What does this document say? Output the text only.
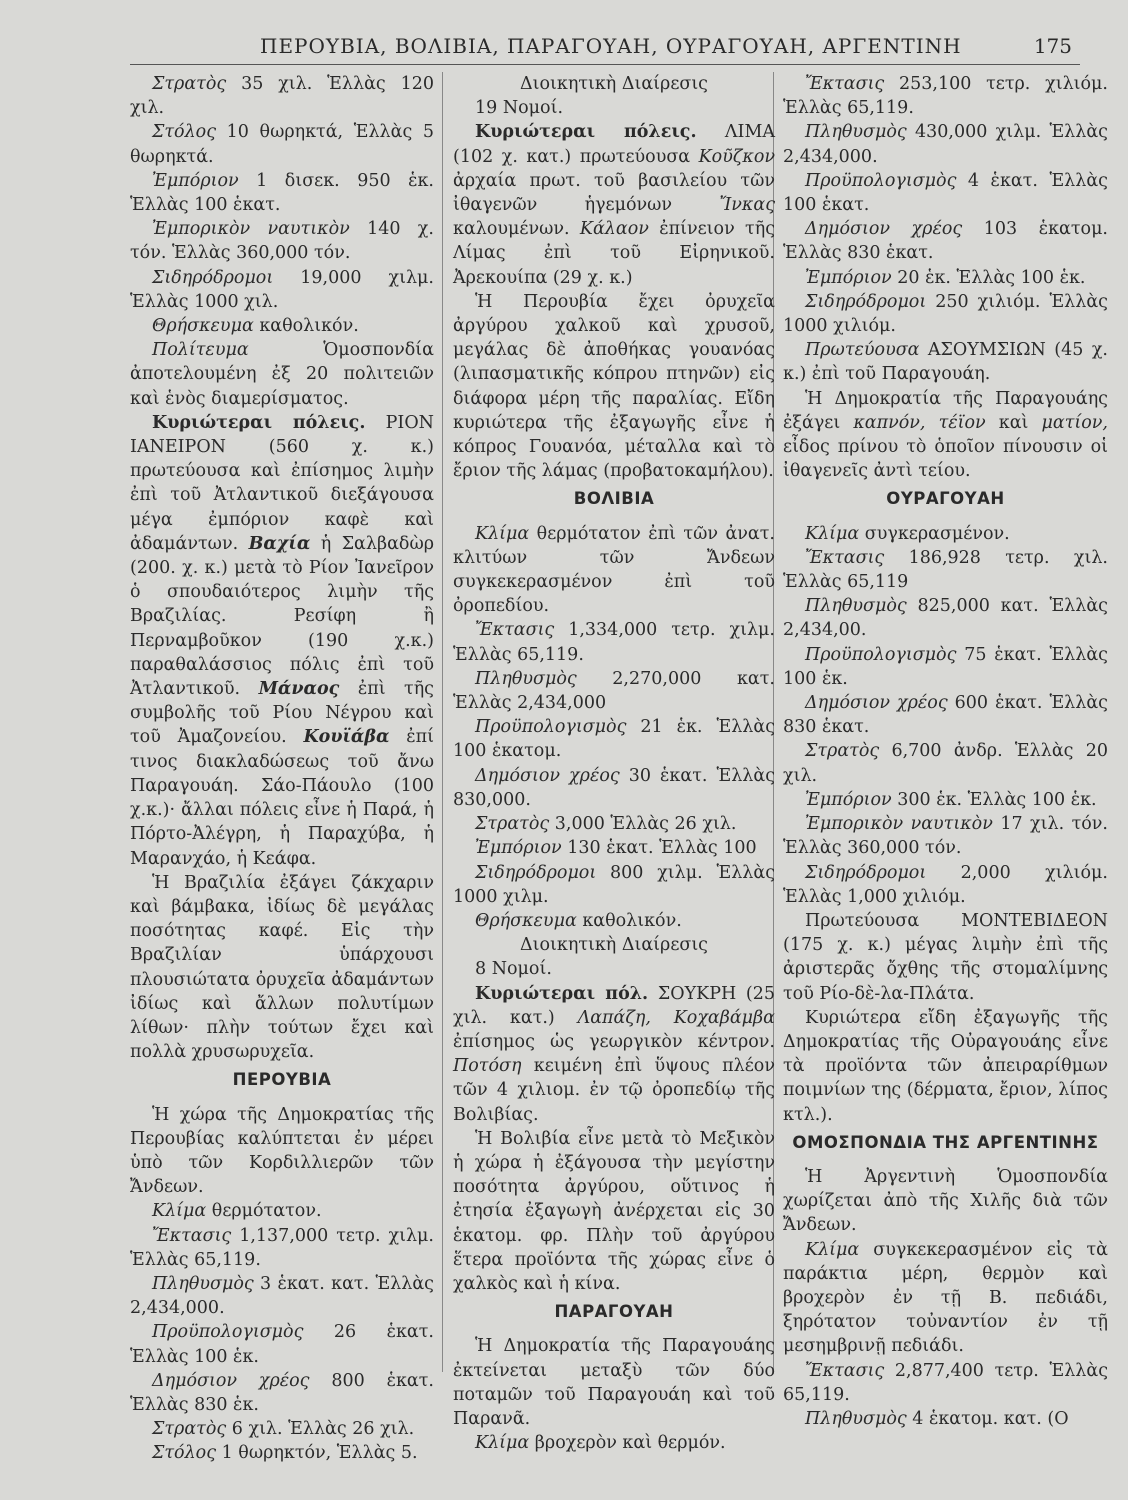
ΠΕΡΟΥΒΙΑ, ΒΟΛΙΒΙΑ, ΠΑΡΑΓΟΥΑΗ, ΟΥΡΑΓΟΥΑΗ, ΑΡΓΕΝΤΙΝΗ	175

Στρατὸς 35 χιλ. Ἑλλὰς 120 χιλ.

Στόλος 10 θωρηκτά, Ἑλλὰς 5 θωρηκτά.

Ἐμπόριον 1 δισεκ. 950 ἑκ. Ἑλλὰς 100 ἑκατ.

Ἐμπορικὸν ναυτικὸν 140 χ. τόν. Ἑλλὰς 360,000 τόν.

Σιδηρόδρομοι 19,000 χιλμ. Ἑλλὰς 1000 χιλ.

Θρήσκευμα καθολικόν.

Πολίτευμα	Ὁμοσπονδία ἀποτελουμένη ἐξ 20 πολιτειῶν καὶ ἑνὸς διαμερίσματος.

Κυριώτεραι πόλεις. ΡΙΟΝ ΙΑΝΕΙΡΟΝ (560 χ. κ.) πρωτεύουσα καὶ ἐπίσημος λιμὴν ἐπὶ τοῦ Ἀτλαντικοῦ διεξάγουσα μέγα ἐμπόριον καφὲ καὶ ἀδαμάντων. Βαχία ἡ Σαλβαδὼρ (200. χ. κ.) μετὰ τὸ Ρίον Ἰανεῖρον ὁ σπουδαιότερος λιμὴν τῆς Βραζιλίας. Ρεσίφη ἢ Περναμβοῦκον (190 χ.κ.) παραθαλάσσιος πόλις ἐπὶ τοῦ Ἀτλαντικοῦ. Μάναος ἐπὶ τῆς συμβολῆς τοῦ Ρίου Νέγρου καὶ τοῦ Ἀμαζονείου. Κουϊάβα ἐπί τινος διακλαδώσεως τοῦ ἄνω Παραγουάη. Σάο-Πάουλο (100 χ.κ.)· ἄλλαι πόλεις εἶνε ἡ Παρά, ἡ Πόρτο-Ἀλέγρη, ἡ Παραχύβα, ἡ Μαρανχάο, ἡ Κεάφα.

Ἡ Βραζιλία ἐξάγει ζάκχαριν καὶ βάμβακα, ἰδίως δὲ μεγάλας ποσότητας καφέ. Εἰς τὴν Βραζιλίαν ὑπάρχουσι πλουσιώτατα ὀρυχεῖα ἀδαμάντων ἰδίως καὶ ἄλλων πολυτίμων λίθων· πλὴν τούτων ἔχει καὶ πολλὰ χρυσωρυχεῖα.

ΠΕΡΟΥΒΙΑ

Ἡ χώρα τῆς Δημοκρατίας τῆς Περουβίας καλύπτεται ἐν μέρει ὑπὸ τῶν Κορδιλλιερῶν τῶν Ἄνδεων.

Κλίμα θερμότατον.

Ἔκτασις 1,137,000 τετρ. χιλμ. Ἑλλὰς 65,119.

Πληθυσμὸς 3 ἑκατ. κατ. Ἑλλὰς 2,434,000.

Προϋπολογισμὸς 26 ἑκατ. Ἑλλὰς 100 ἑκ.

Δημόσιον χρέος 800 ἑκατ. Ἑλλὰς 830 ἑκ.

Στρατὸς 6 χιλ. Ἑλλὰς 26 χιλ.

Στόλος 1 θωρηκτόν, Ἑλλὰς 5.

Διοικητικὴ Διαίρεσις

19 Νομοί.

Κυριώτεραι πόλεις. ΛΙΜΑ (102 χ. κατ.) πρωτεύουσα Κοῦζκον ἀρχαία πρωτ. τοῦ βασιλείου τῶν ἰθαγενῶν ἡγεμόνων	Ἴνκας καλουμένων. Κάλαον ἐπίνειον τῆς Λίμας ἐπὶ τοῦ Εἰρηνικοῦ. Ἀρεκουίπα (29 χ. κ.)

Ἡ Περουβία ἔχει ὀρυχεῖα ἀργύρου χαλκοῦ καὶ χρυσοῦ, μεγάλας δὲ ἀποθήκας γουανόας (λιπασματικῆς κόπρου πτηνῶν) εἰς διάφορα μέρη τῆς παραλίας. Εἴδη κυριώτερα τῆς ἐξαγωγῆς εἶνε ἡ κόπρος Γουανόα, μέταλλα καὶ τὸ ἔριον τῆς λάμας (προβατοκαμήλου).

ΒΟΛΙΒΙΑ

Κλίμα θερμότατον ἐπὶ τῶν ἀνατ. κλιτύων τῶν Ἄνδεων συγκεκερασμένον ἐπὶ τοῦ ὀροπεδίου.

Ἔκτασις 1,334,000 τετρ. χιλμ. Ἑλλὰς 65,119.

Πληθυσμὸς 2,270,000 κατ. Ἑλλὰς 2,434,000

Προϋπολογισμὸς 21 ἑκ. Ἑλλὰς 100 ἑκατομ.

Δημόσιον χρέος 30 ἑκατ. Ἑλλὰς 830,000.

Στρατὸς 3,000 Ἑλλὰς 26 χιλ.

Ἐμπόριον 130 ἑκατ. Ἑλλὰς 100

Σιδηρόδρομοι 800 χιλμ. Ἑλλὰς 1000 χιλμ.

Θρήσκευμα καθολικόν.

Διοικητικὴ Διαίρεσις

8 Νομοί.

Κυριώτεραι πόλ. ΣΟΥΚΡΗ (25 χιλ. κατ.) Λαπάζη, Κοχαβάμβα ἐπίσημος ὡς γεωργικὸν κέντρον. Ποτόση κειμένη ἐπὶ ὕψους πλέον τῶν 4 χιλιομ. ἐν τῷ ὀροπεδίῳ τῆς Βολιβίας.

Ἡ Βολιβία εἶνε μετὰ τὸ Μεξικὸν ἡ χώρα ἡ ἐξάγουσα τὴν μεγίστην ποσότητα ἀργύρου, οὕτινος ἡ ἐτησία ἐξαγωγὴ ἀνέρχεται εἰς 30 ἑκατομ. φρ. Πλὴν τοῦ ἀργύρου ἕτερα προϊόντα τῆς χώρας εἶνε ὁ χαλκὸς καὶ ἡ κίνα.

ΠΑΡΑΓΟΥΑΗ

Ἡ Δημοκρατία τῆς Παραγουάης ἐκτείνεται μεταξὺ τῶν δύο ποταμῶν τοῦ Παραγουάη καὶ τοῦ Παρανᾶ.

Κλίμα βροχερὸν καὶ θερμόν.

Ἔκτασις 253,100 τετρ. χιλιόμ. Ἑλλὰς 65,119.

Πληθυσμὸς 430,000 χιλμ. Ἑλλὰς 2,434,000.

Προϋπολογισμὸς 4 ἑκατ. Ἑλλὰς 100 ἑκατ.

Δημόσιον χρέος 103 ἑκατομ. Ἑλλὰς 830 ἑκατ.

Ἐμπόριον 20 ἑκ. Ἑλλὰς 100 ἑκ.

Σιδηρόδρομοι 250 χιλιόμ. Ἑλλὰς 1000 χιλιόμ.

Πρωτεύουσα ΑΣΟΥΜΣΙΩΝ (45 χ. κ.) ἐπὶ τοῦ Παραγουάη.

Ἡ Δημοκρατία τῆς Παραγουάης ἐξάγει καπνόν, τέϊον καὶ ματίον, εἶδος πρίνου τὸ ὁποῖον πίνουσιν οἱ ἰθαγενεῖς ἀντὶ τείου.

ΟΥΡΑΓΟΥΑΗ

Κλίμα συγκερασμένον.

Ἔκτασις 186,928 τετρ. χιλ. Ἑλλὰς 65,119

Πληθυσμὸς 825,000 κατ. Ἑλλὰς 2,434,00.

Προϋπολογισμὸς 75 ἑκατ. Ἑλλὰς 100 ἑκ.

Δημόσιον χρέος 600 ἑκατ. Ἑλλὰς 830 ἑκατ.

Στρατὸς 6,700 ἀνδρ. Ἑλλὰς 20 χιλ.

Ἐμπόριον 300 ἑκ. Ἑλλὰς 100 ἑκ.

Ἐμπορικὸν ναυτικὸν 17 χιλ. τόν. Ἑλλὰς 360,000 τόν.

Σιδηρόδρομοι 2,000 χιλιόμ. Ἑλλὰς 1,000 χιλιόμ.

Πρωτεύουσα ΜΟΝΤΕΒΙΔΕΟΝ (175 χ. κ.) μέγας λιμὴν ἐπὶ τῆς ἀριστερᾶς ὄχθης τῆς στομαλίμνης τοῦ Ρίο-δὲ-λα-Πλάτα.

Κυριώτερα εἴδη ἐξαγωγῆς τῆς Δημοκρατίας τῆς Οὐραγουάης εἶνε τὰ προϊόντα τῶν ἀπειραρίθμων ποιμνίων της (δέρματα, ἔριον, λίπος κτλ.).

ΟΜΟΣΠΟΝΔΙΑ ΤΗΣ ΑΡΓΕΝΤΙΝΗΣ

Ἡ Ἀργεντινὴ Ὁμοσπονδία χωρίζεται ἀπὸ τῆς Χιλῆς διὰ τῶν Ἄνδεων.

Κλίμα συγκεκερασμένον εἰς τὰ παράκτια μέρη, θερμὸν καὶ βροχερὸν ἐν τῇ Β. πεδιάδι, ξηρότατον τοὐναντίον ἐν τῇ μεσημβρινῇ πεδιάδι.

Ἔκτασις 2,877,400 τετρ. Ἑλλὰς 65,119.

Πληθυσμὸς 4 ἑκατομ. κατ. (Ο
